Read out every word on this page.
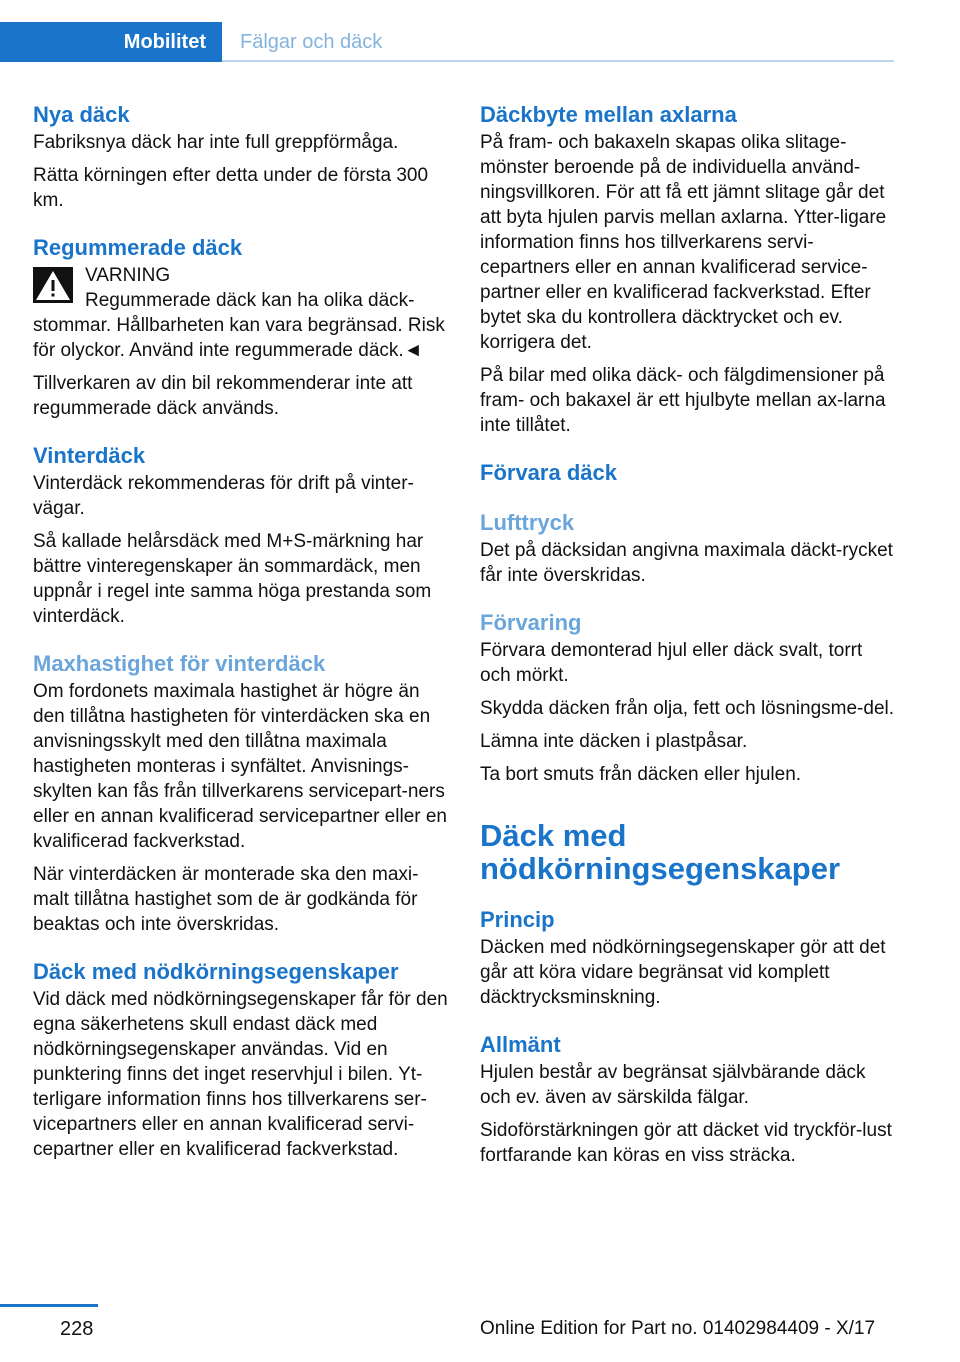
Mobilitet	Fälgar och däck
Nya däck

Fabriksnya däck har inte full greppförmåga.

Rätta körningen efter detta under de första 300 km.

Regummerade däck

VARNING

Regummerade däck kan ha olika däck-stommar. Hållbarheten kan vara begränsad. Risk för olyckor. Använd inte regummerade däck.◄

Tillverkaren av din bil rekommenderar inte att regummerade däck används.

Vinterdäck

Vinterdäck rekommenderas för drift på vinter-vägar.

Så kallade helårsdäck med M+S-märkning har bättre vinteregenskaper än sommardäck, men uppnår i regel inte samma höga prestanda som vinterdäck.

Maxhastighet för vinterdäck

Om fordonets maximala hastighet är högre än den tillåtna hastigheten för vinterdäcken ska en anvisningsskylt med den tillåtna maximala hastigheten monteras i synfältet. Anvisnings-skylten kan fås från tillverkarens servicepart-ners eller en annan kvalificerad servicepartner eller en kvalificerad fackverkstad.

När vinterdäcken är monterade ska den maxi-malt tillåtna hastighet som de är godkända för beaktas och inte överskridas.

Däck med nödkörningsegenskaper

Vid däck med nödkörningsegenskaper får för den egna säkerhetens skull endast däck med nödkörningsegenskaper användas. Vid en punktering finns det inget reservhjul i bilen. Yt-terligare information finns hos tillverkarens ser-vicepartners eller en annan kvalificerad servi-cepartner eller en kvalificerad fackverkstad.

Däckbyte mellan axlarna

På fram- och bakaxeln skapas olika slitage-mönster beroende på de individuella använd-ningsvillkoren. För att få ett jämnt slitage går det att byta hjulen parvis mellan axlarna. Ytter-ligare information finns hos tillverkarens servi-cepartners eller en annan kvalificerad service-partner eller en kvalificerad fackverkstad. Efter bytet ska du kontrollera däcktrycket och ev. korrigera det.

På bilar med olika däck- och fälgdimensioner på fram- och bakaxel är ett hjulbyte mellan ax-larna inte tillåtet.

Förvara däck
Lufttryck

Det på däcksidan angivna maximala däckt-rycket får inte överskridas.

Förvaring

Förvara demonterad hjul eller däck svalt, torrt och mörkt.

Skydda däcken från olja, fett och lösningsme-del.

Lämna inte däcken i plastpåsar.

Ta bort smuts från däcken eller hjulen.

Däck med
nödkörningsegenskaper
Princip

Däcken med nödkörningsegenskaper gör att det går att köra vidare begränsat vid komplett däcktrycksminskning.

Allmänt

Hjulen består av begränsat självbärande däck och ev. även av särskilda fälgar.

Sidoförstärkningen gör att däcket vid tryckför-lust fortfarande kan köras en viss sträcka.

228	Online Edition for Part no. 01402984409 - X/17
